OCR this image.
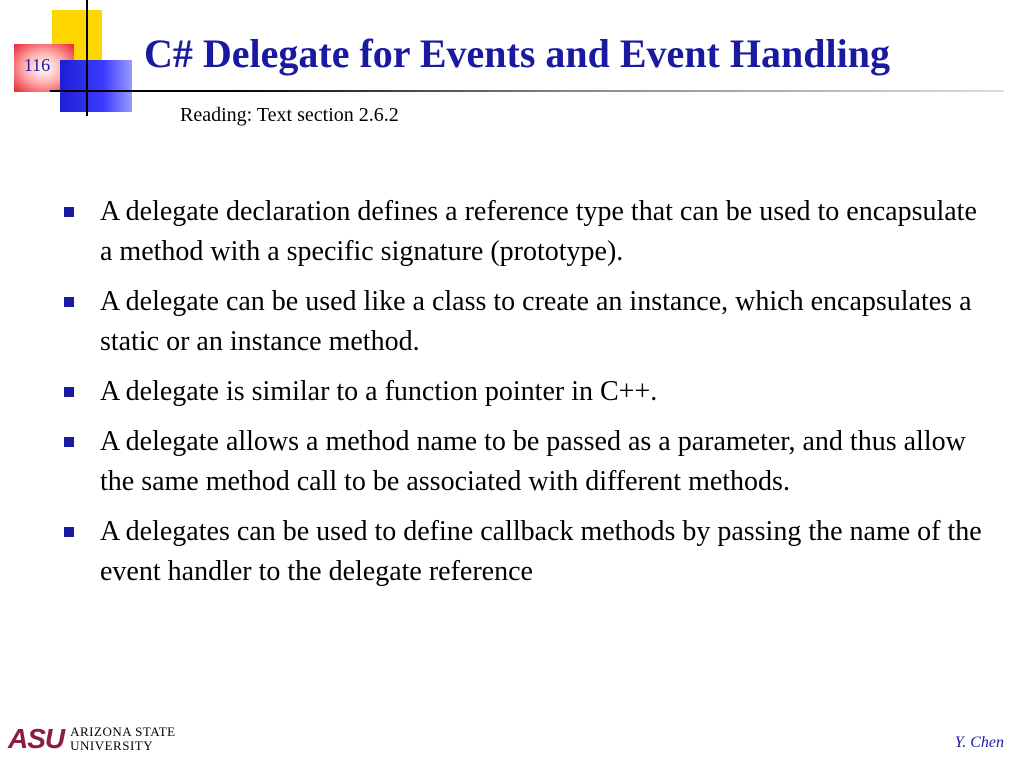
116 C# Delegate for Events and Event Handling
Reading: Text section 2.6.2
A delegate declaration defines a reference type that can be used to encapsulate a method with a specific signature (prototype).
A delegate can be used like a class to create an instance, which encapsulates a static or an instance method.
A delegate is similar to a function pointer in C++.
A delegate allows a method name to be passed as a parameter, and thus allow the same method call to be associated with different methods.
A delegates can be used to define callback methods by passing the name of the event handler to the delegate reference
ASU ARIZONA STATE
UNIVERSITY	Y. Chen
